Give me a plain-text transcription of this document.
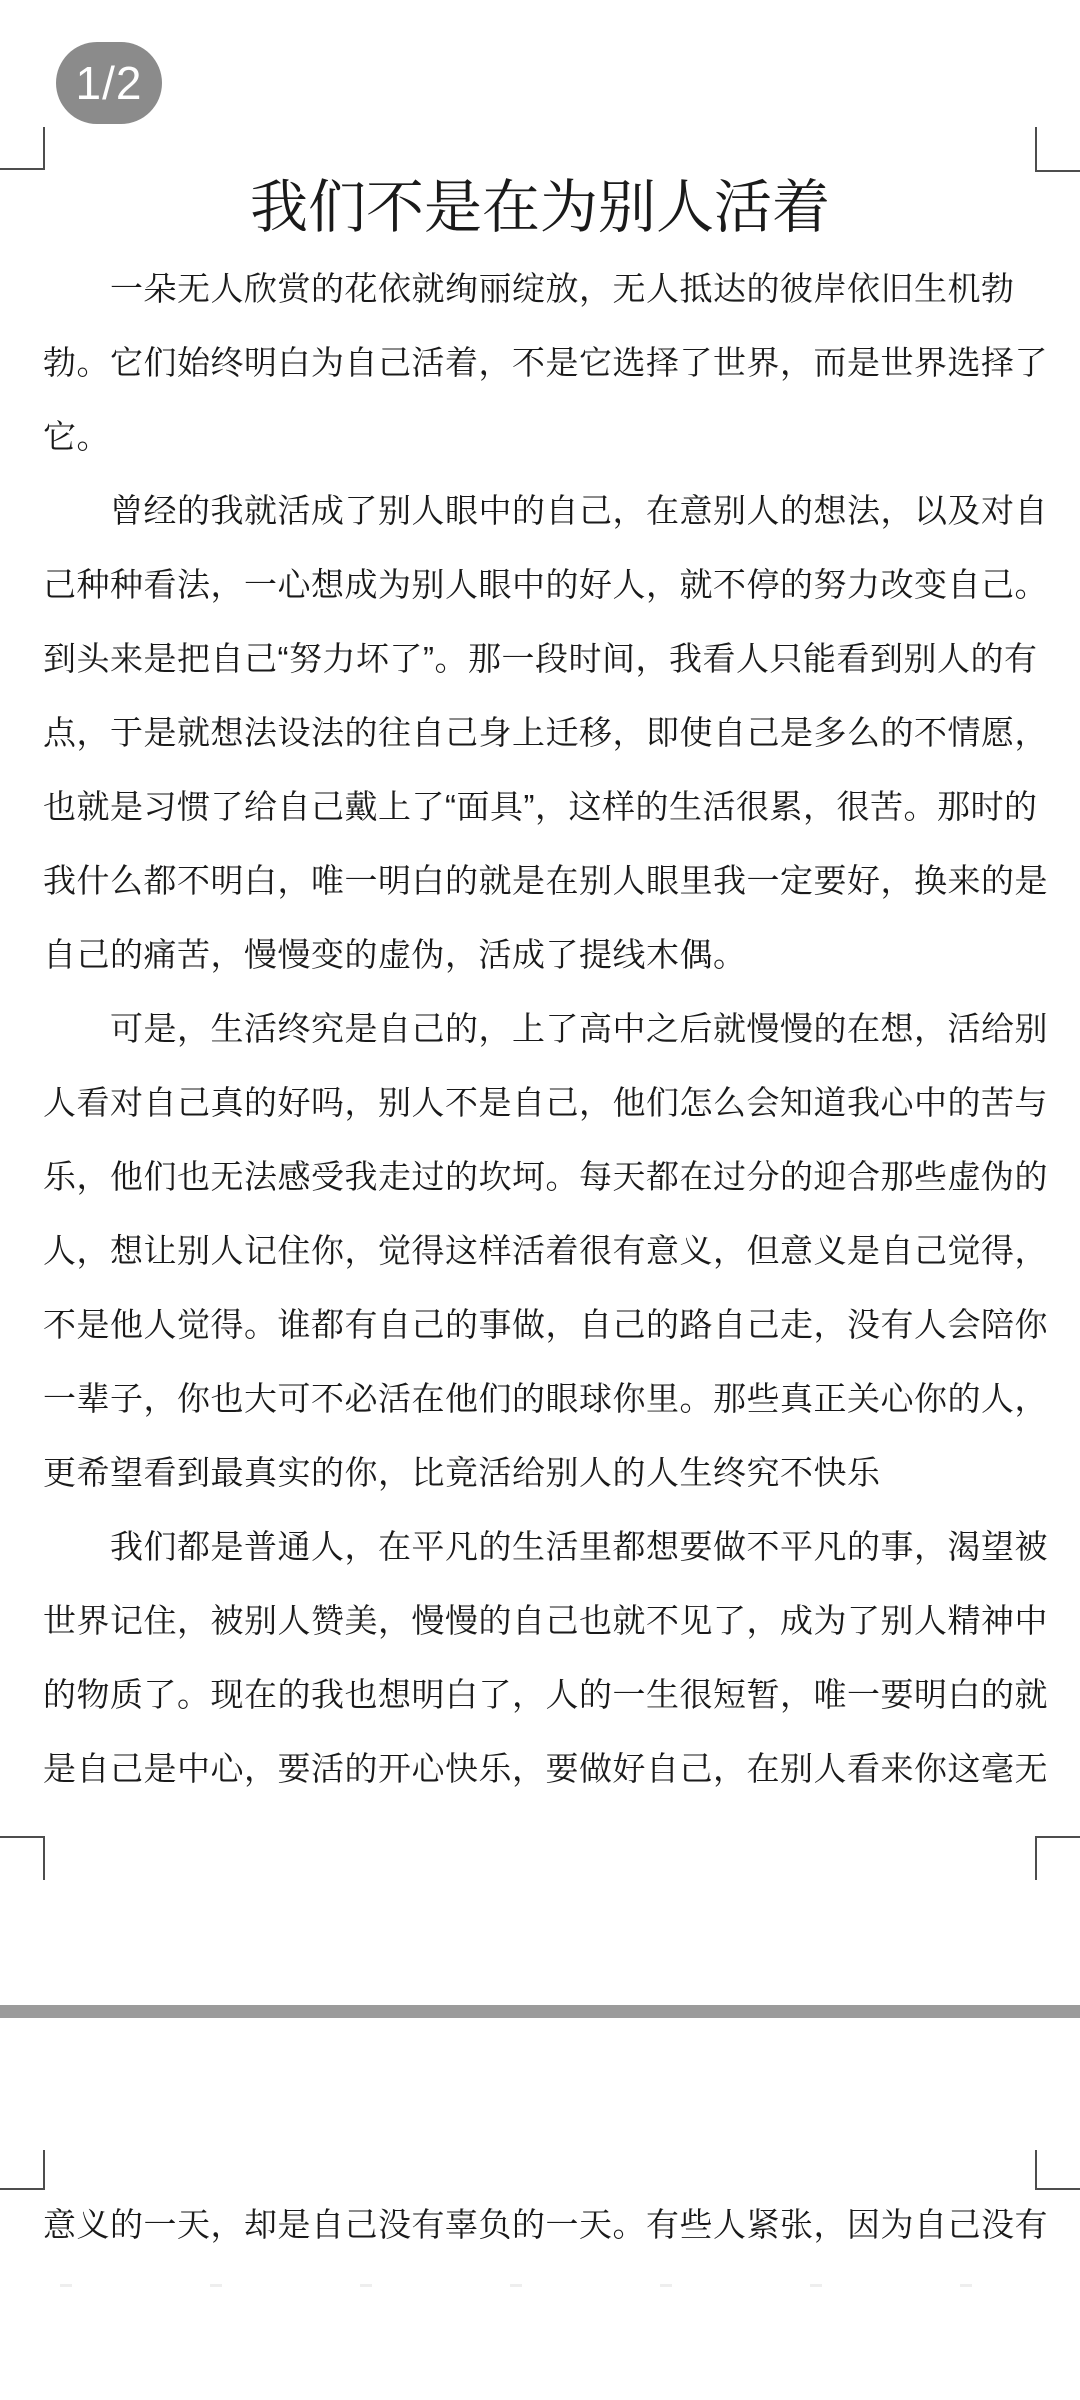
1/2
我们不是在为别人活着
　　一朵无人欣赏的花依就绚丽绽放，无人抵达的彼岸依旧生机勃
勃。它们始终明白为自己活着，不是它选择了世界，而是世界选择了
它。
　　曾经的我就活成了别人眼中的自己，在意别人的想法，以及对自
己种种看法，一心想成为别人眼中的好人，就不停的努力改变自己。
到头来是把自己“努力坏了”。那一段时间，我看人只能看到别人的有
点，于是就想法设法的往自己身上迁移，即使自己是多么的不情愿，
也就是习惯了给自己戴上了“面具”，这样的生活很累，很苦。那时的
我什么都不明白，唯一明白的就是在别人眼里我一定要好，换来的是
自己的痛苦，慢慢变的虚伪，活成了提线木偶。
　　可是，生活终究是自己的，上了高中之后就慢慢的在想，活给别
人看对自己真的好吗，别人不是自己，他们怎么会知道我心中的苦与
乐，他们也无法感受我走过的坎坷。每天都在过分的迎合那些虚伪的
人，想让别人记住你，觉得这样活着很有意义，但意义是自己觉得，
不是他人觉得。谁都有自己的事做，自己的路自己走，没有人会陪你
一辈子，你也大可不必活在他们的眼球你里。那些真正关心你的人，
更希望看到最真实的你，比竟活给别人的人生终究不快乐
　　我们都是普通人，在平凡的生活里都想要做不平凡的事，渴望被
世界记住，被别人赞美，慢慢的自己也就不见了，成为了别人精神中
的物质了。现在的我也想明白了，人的一生很短暂，唯一要明白的就
是自己是中心，要活的开心快乐，要做好自己，在别人看来你这毫无
意义的一天，却是自己没有辜负的一天。有些人紧张，因为自己没有
